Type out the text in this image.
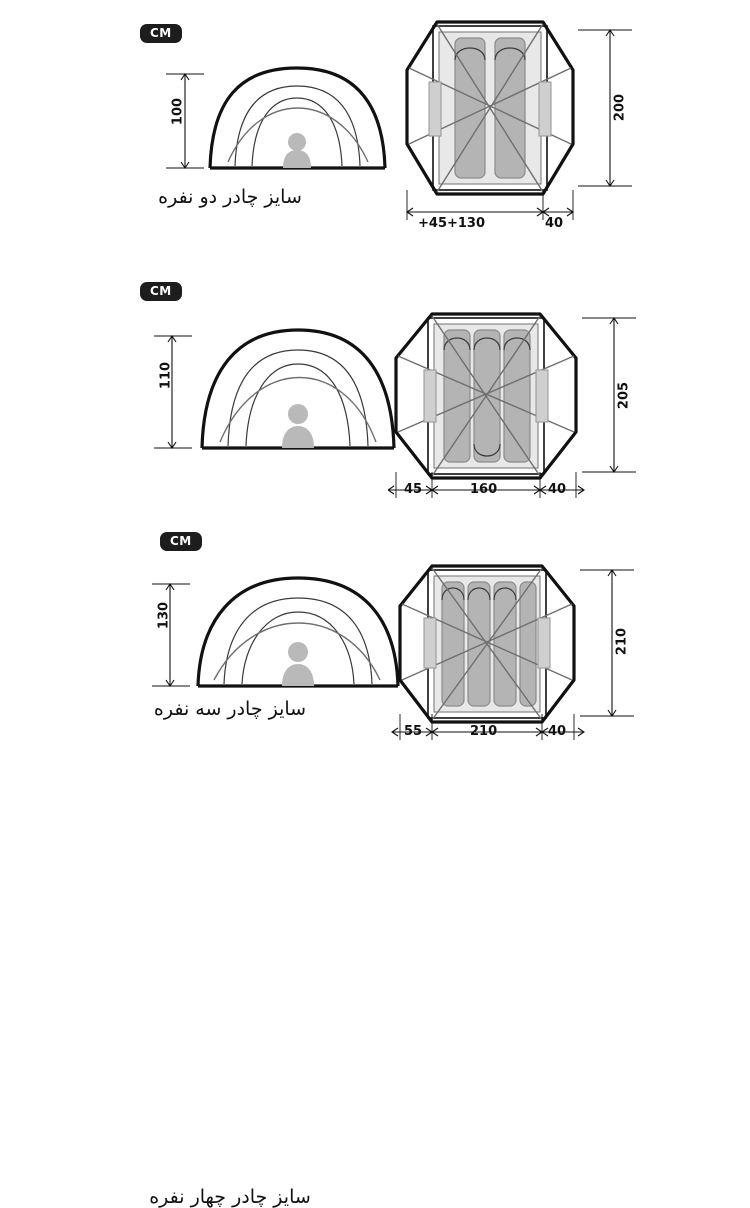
CM
100
سایز چادر دو نفره
200
+45+130	40
CM
110
سایز چادر سه نفره
205
45	160	40
CM
130
سایز چادر چهار نفره
210
55	210	40
